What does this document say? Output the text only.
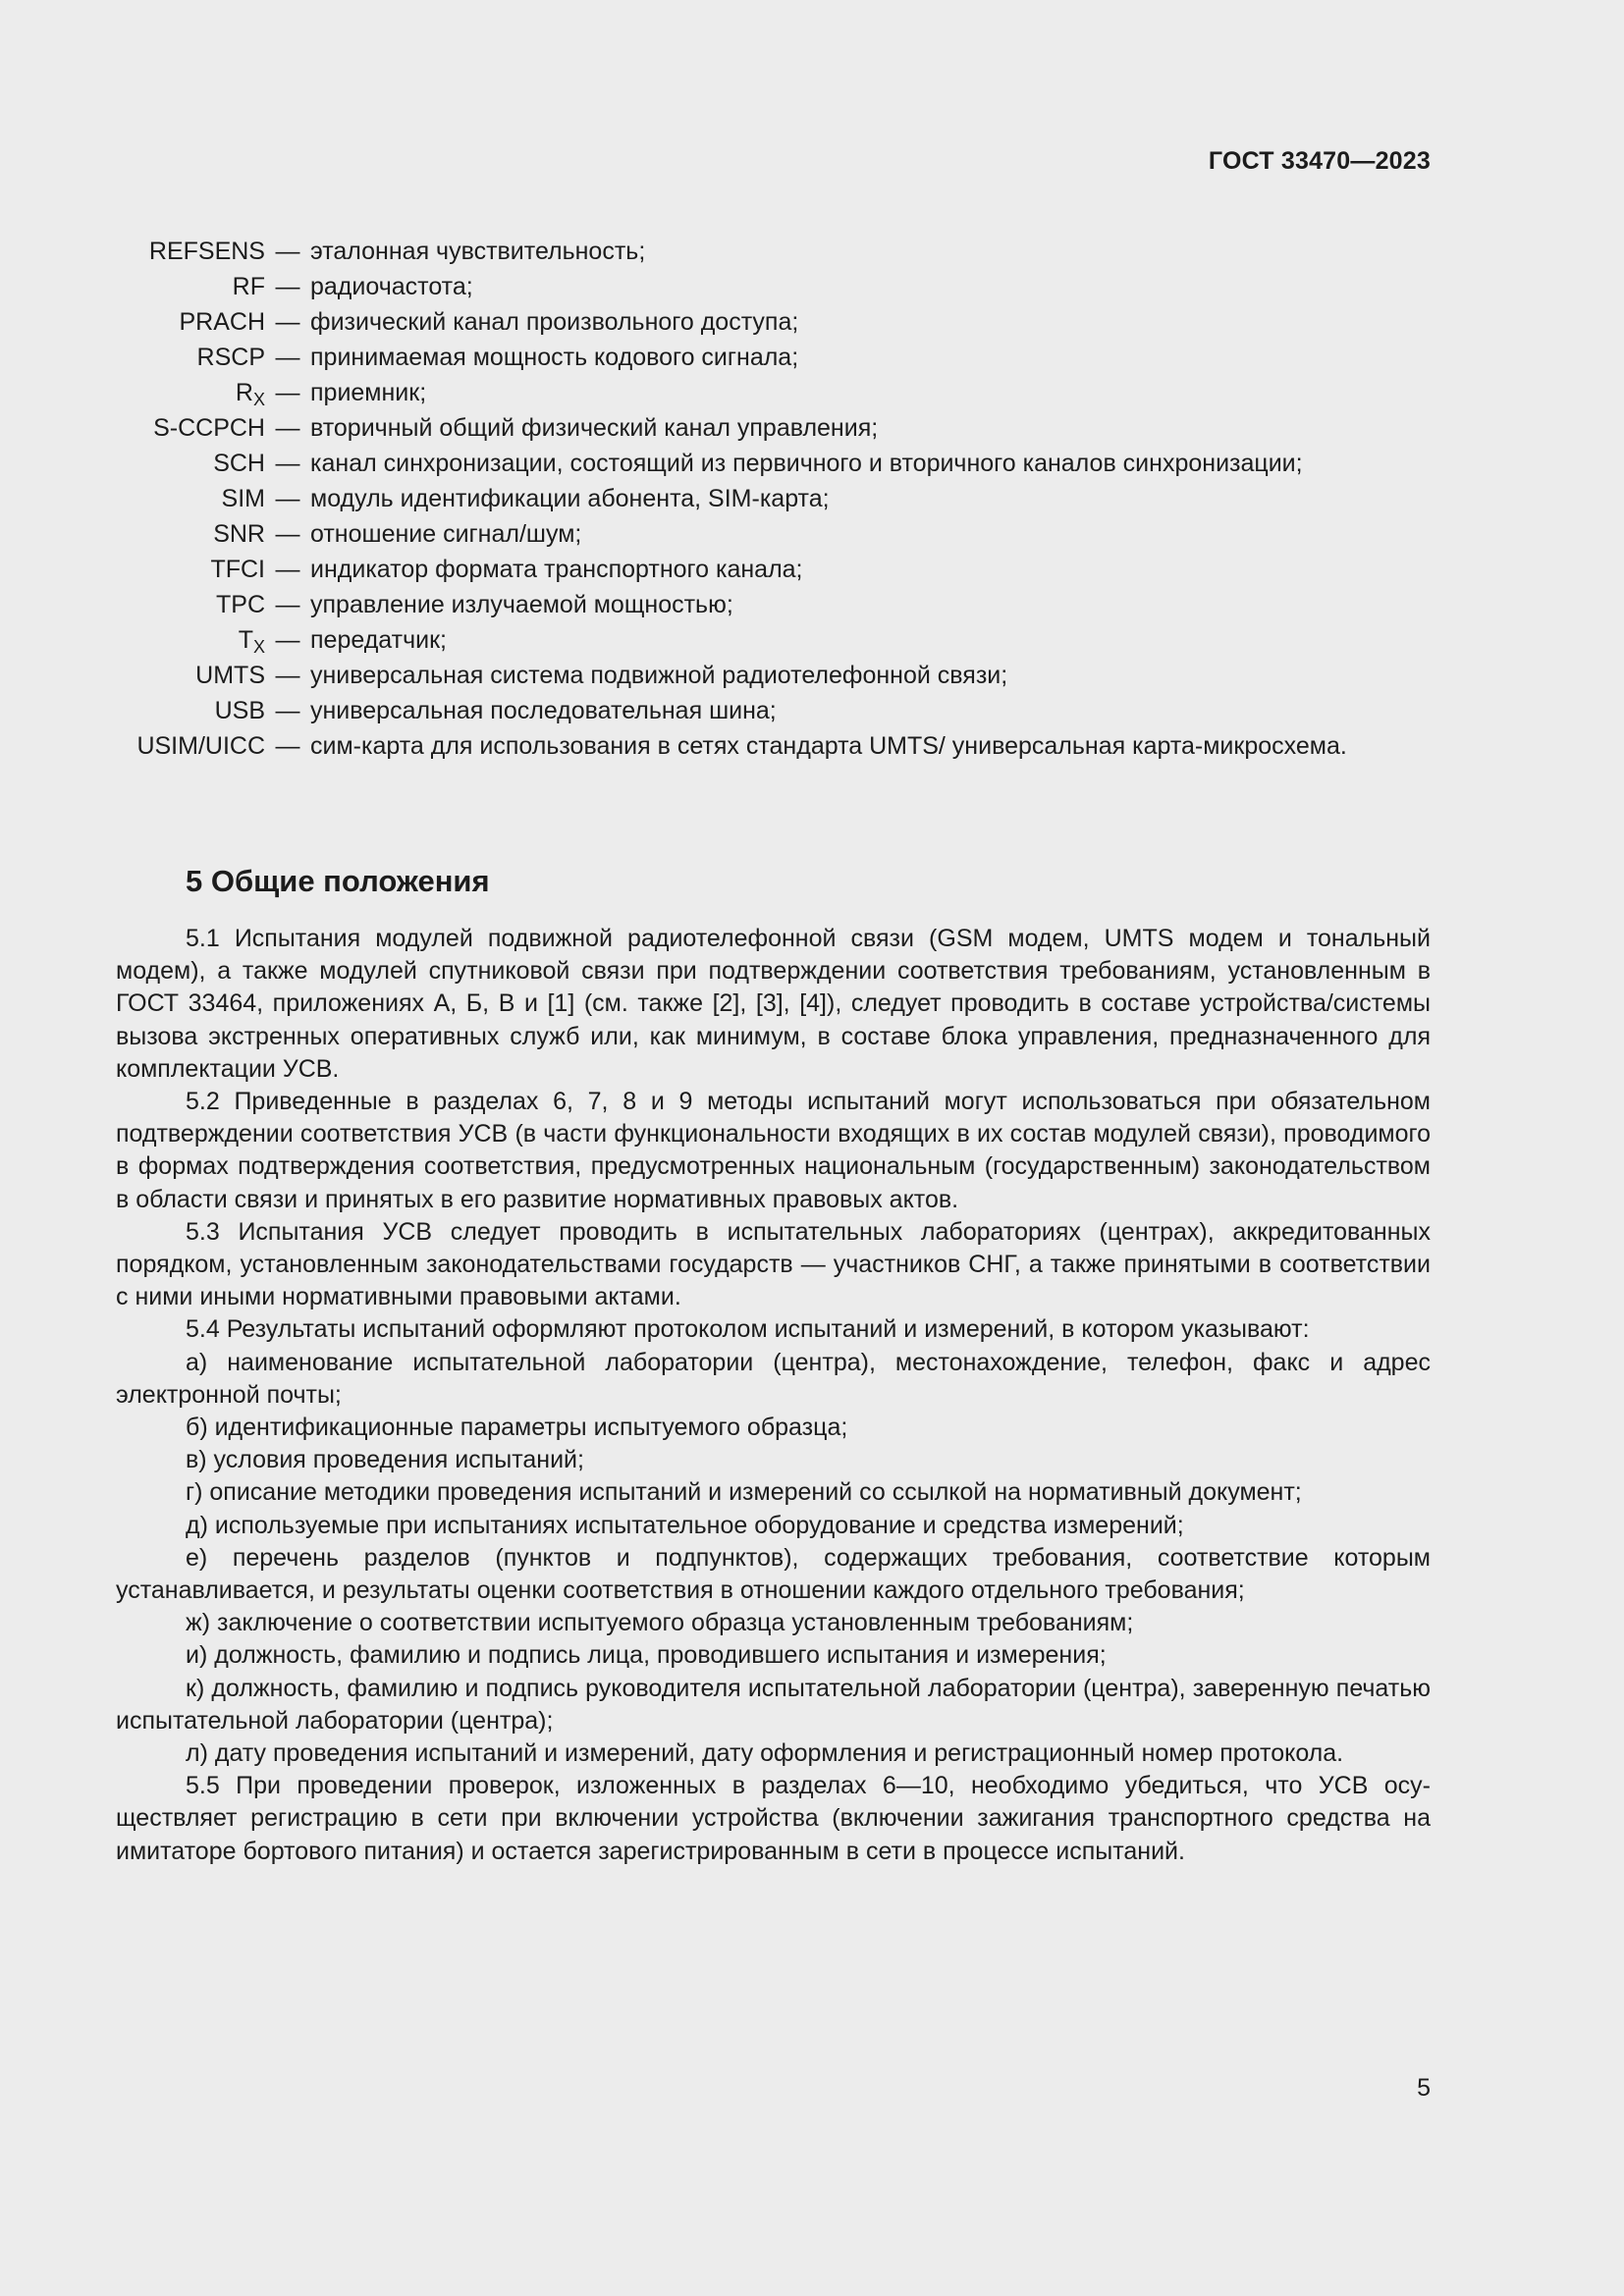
ГОСТ 33470—2023
REFSENS — эталонная чувствительность;
RF — радиочастота;
PRACH — физический канал произвольного доступа;
RSCP — принимаемая мощность кодового сигнала;
$R_X$ — приемник;
S-CCPCH — вторичный общий физический канал управления;
SCH — канал синхронизации, состоящий из первичного и вторичного каналов синхронизации;
SIM — модуль идентификации абонента, SIM-карта;
SNR — отношение сигнал/шум;
TFCI — индикатор формата транспортного канала;
TPC — управление излучаемой мощностью;
$T_X$ — передатчик;
UMTS — универсальная система подвижной радиотелефонной связи;
USB — универсальная последовательная шина;
USIM/UICC — сим-карта для использования в сетях стандарта UMTS/ универсальная карта-микросхема.
5 Общие положения

5.1 Испытания модулей подвижной радиотелефонной связи (GSM модем, UMTS модем и тональный модем), а также модулей спутниковой связи при подтверждении соответствия требованиям, установленным в ГОСТ 33464, приложениях А, Б, В и [1] (см. также [2], [3], [4]), следует проводить в составе устройства/системы вызова экстренных оперативных служб или, как минимум, в составе блока управления, предназначенного для комплектации УСВ.

5.2 Приведенные в разделах 6, 7, 8 и 9 методы испытаний могут использоваться при обязательном подтверждении соответствия УСВ (в части функциональности входящих в их состав модулей связи), проводимого в формах подтверждения соответствия, предусмотренных национальным (государственным) законодательством в области связи и принятых в его развитие нормативных правовых актов.

5.3 Испытания УСВ следует проводить в испытательных лабораториях (центрах), аккредитованных порядком, установленным законодательствами государств — участников СНГ, а также принятыми в соответствии с ними иными нормативными правовыми актами.

5.4 Результаты испытаний оформляют протоколом испытаний и измерений, в котором указывают:

а) наименование испытательной лаборатории (центра), местонахождение, телефон, факс и адрес электронной почты;

б) идентификационные параметры испытуемого образца;

в) условия проведения испытаний;

г) описание методики проведения испытаний и измерений со ссылкой на нормативный документ;

д) используемые при испытаниях испытательное оборудование и средства измерений;

е) перечень разделов (пунктов и подпунктов), содержащих требования, соответствие которым устанавливается, и результаты оценки соответствия в отношении каждого отдельного требования;

ж) заключение о соответствии испытуемого образца установленным требованиям;

и) должность, фамилию и подпись лица, проводившего испытания и измерения;

к) должность, фамилию и подпись руководителя испытательной лаборатории (центра), заверенную печатью испытательной лаборатории (центра);

л) дату проведения испытаний и измерений, дату оформления и регистрационный номер протокола.

5.5 При проведении проверок, изложенных в разделах 6—10, необходимо убедиться, что УСВ осуществляет регистрацию в сети при включении устройства (включении зажигания транспортного средства на имитаторе бортового питания) и остается зарегистрированным в сети в процессе испытаний.

5
